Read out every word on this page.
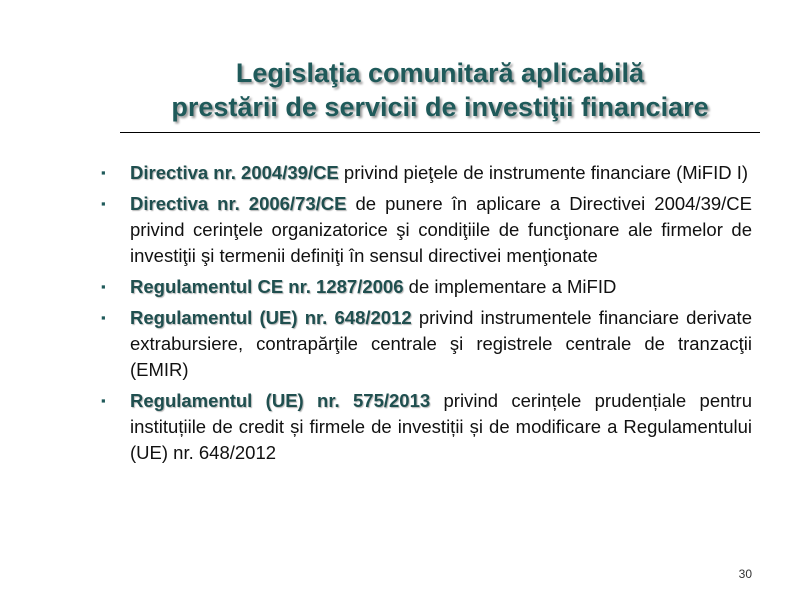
Legislaţia comunitară aplicabilă
prestării de servicii de investiţii financiare
▪ Directiva nr. 2004/39/CE privind pieţele de instrumente financiare (MiFID I)
▪ Directiva nr. 2006/73/CE de punere în aplicare a Directivei 2004/39/CE privind cerinţele organizatorice şi condiţiile de funcţionare ale firmelor de investiţii şi termenii definiţi în sensul directivei menţionate
▪ Regulamentul CE nr. 1287/2006 de implementare a MiFID
▪ Regulamentul (UE) nr. 648/2012 privind instrumentele financiare derivate extrabursiere, contrapărţile centrale şi registrele centrale de tranzacţii (EMIR)
▪ Regulamentul (UE) nr. 575/2013 privind cerințele prudențiale pentru instituțiile de credit și firmele de investiții și de modificare a Regulamentului (UE) nr. 648/2012
30
